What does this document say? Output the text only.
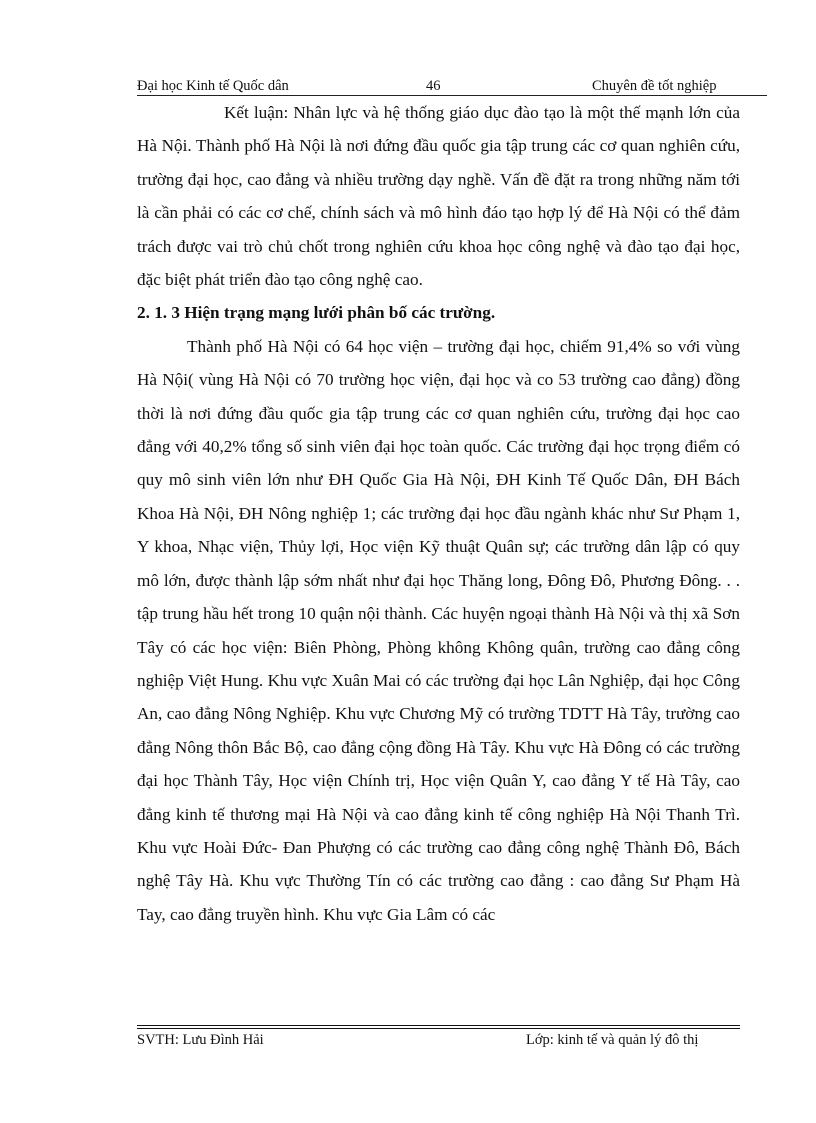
Đại học Kinh tế Quốc dân	46	Chuyên đề tốt nghiệp

Kết luận: Nhân lực và hệ thống giáo dục đào tạo là một thế mạnh lớn của Hà Nội. Thành phố Hà Nội là nơi đứng đầu quốc gia tập trung các cơ quan nghiên cứu, trường đại học, cao đẳng và nhiều trường dạy nghề. Vấn đề đặt ra trong những năm tới là cần phải có các cơ chế, chính sách và mô hình đáo tạo hợp lý để Hà Nội có thể đảm trách được vai trò chủ chốt trong nghiên cứu khoa học công nghệ và đào tạo đại học, đặc biệt phát triển đào tạo công nghệ cao.

2. 1. 3 Hiện trạng mạng lưới phân bố các trường.

Thành phố Hà Nội có 64 học viện – trường đại học, chiếm 91,4% so với vùng Hà Nội( vùng Hà Nội có 70 trường học viện, đại học và co 53 trường cao đẳng) đồng thời là nơi đứng đầu quốc gia tập trung các cơ quan nghiên cứu, trường đại học cao đẳng với 40,2% tổng số sinh viên đại học toàn quốc. Các trường đại học trọng điểm có quy mô sinh viên lớn như ĐH Quốc Gia Hà Nội, ĐH Kinh Tế Quốc Dân, ĐH Bách Khoa Hà Nội, ĐH Nông nghiệp 1; các trường đại học đầu ngành khác như Sư Phạm 1, Y khoa, Nhạc viện, Thủy lợi, Học viện Kỹ thuật Quân sự; các trường dân lập có quy mô lớn, được thành lập sớm nhất như đại học Thăng long, Đông Đô, Phương Đông. . . tập trung hầu hết trong 10 quận nội thành. Các huyện ngoại thành Hà Nội và thị xã Sơn Tây có các học viện: Biên Phòng, Phòng không Không quân, trường cao đẳng công nghiệp Việt Hung. Khu vực Xuân Mai có các trường đại học Lân Nghiệp, đại học Công An, cao đẳng Nông Nghiệp. Khu vực Chương Mỹ có trường TDTT Hà Tây, trường cao đẳng Nông thôn Bắc Bộ, cao đẳng cộng đồng Hà Tây. Khu vực Hà Đông có các trường đại học Thành Tây, Học viện Chính trị, Học viện Quân Y, cao đẳng Y tế Hà Tây, cao đẳng kinh tế thương mại Hà Nội và cao đẳng kinh tế công nghiệp Hà Nội Thanh Trì. Khu vực Hoài Đức- Đan Phượng có các trường cao đẳng công nghệ Thành Đô, Bách nghệ Tây Hà. Khu vực Thường Tín có các trường cao đẳng : cao đẳng Sư Phạm Hà Tay, cao đẳng truyền hình. Khu vực Gia Lâm có các

SVTH: Lưu Đình Hải	Lớp: kinh tế và quản lý đô thị
